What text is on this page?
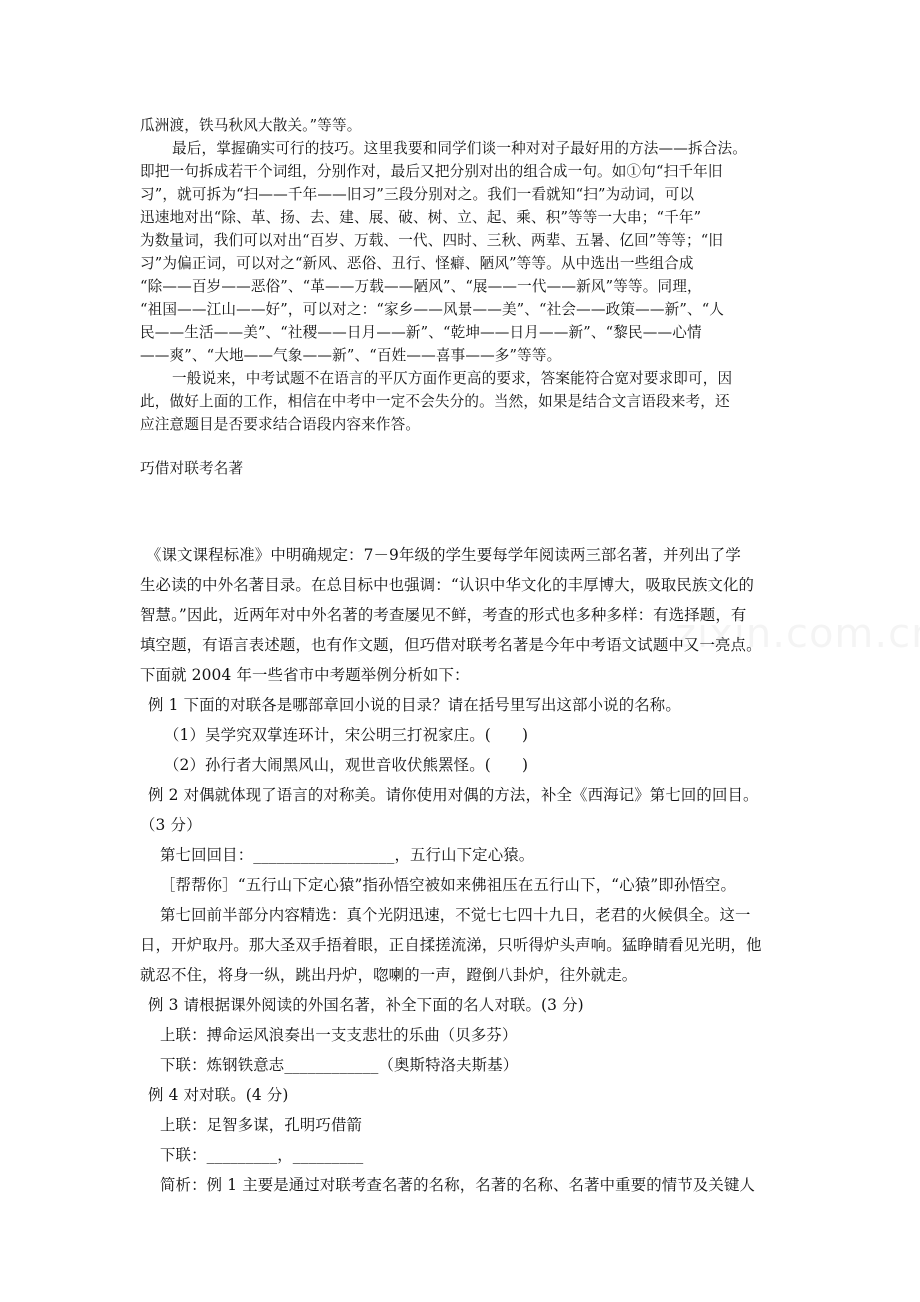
瓜洲渡，铁马秋风大散关。”等等。

最后，掌握确实可行的技巧。这里我要和同学们谈一种对对子最好用的方法——拆合法。

即把一句拆成若干个词组，分别作对，最后又把分别对出的组合成一句。如①句“扫千年旧

习”，就可拆为“扫——千年——旧习”三段分别对之。我们一看就知“扫”为动词，可以

迅速地对出“除、革、扬、去、建、展、破、树、立、起、乘、积”等等一大串；“千年”

为数量词，我们可以对出“百岁、万载、一代、四时、三秋、两辈、五暑、亿回”等等；“旧

习”为偏正词，可以对之“新风、恶俗、丑行、怪癖、陋风”等等。从中选出一些组合成

“除——百岁——恶俗”、“革——万载——陋风”、“展——一代——新风”等等。同理，

“祖国——江山——好”，可以对之：“家乡——风景——美”、“社会——政策——新”、“人

民——生活——美”、“社稷——日月——新”、“乾坤——日月——新”、“黎民——心情

——爽”、“大地——气象——新”、“百姓——喜事——多”等等。

一般说来，中考试题不在语言的平仄方面作更高的要求，答案能符合宽对要求即可，因

此，做好上面的工作，相信在中考中一定不会失分的。当然，如果是结合文言语段来考，还

应注意题目是否要求结合语段内容来作答。

巧借对联考名著

《课文课程标准》中明确规定：7－9年级的学生要每学年阅读两三部名著，并列出了学

生必读的中外名著目录。在总目标中也强调：“认识中华文化的丰厚博大，吸取民族文化的

智慧。”因此，近两年对中外名著的考查屡见不鲜，考查的形式也多种多样：有选择题，有

填空题，有语言表述题，也有作文题，但巧借对联考名著是今年中考语文试题中又一亮点。

下面就 2004 年一些省市中考题举例分析如下：

例 1 下面的对联各是哪部章回小说的目录？请在括号里写出这部小说的名称。

（1）吴学究双掌连环计，宋公明三打祝家庄。(　　)

（2）孙行者大闹黑风山，观世音收伏熊罴怪。(　　)

例 2 对偶就体现了语言的对称美。请你使用对偶的方法，补全《西海记》第七回的回目。

（3 分）

第七回回目：__________________，五行山下定心猿。

［帮帮你］“五行山下定心猿”指孙悟空被如来佛祖压在五行山下，“心猿”即孙悟空。

第七回前半部分内容精选：真个光阴迅速，不觉七七四十九日，老君的火候俱全。这一

日，开炉取丹。那大圣双手捂着眼，正自揉搓流涕，只听得炉头声响。猛睁睛看见光明，他

就忍不住，将身一纵，跳出丹炉，唿喇的一声，蹬倒八卦炉，往外就走。

例 3 请根据课外阅读的外国名著，补全下面的名人对联。(3 分)

上联：搏命运风浪奏出一支支悲壮的乐曲（贝多芬）

下联：炼钢铁意志____________（奥斯特洛夫斯基）

例 4 对对联。(4 分)

上联：足智多谋，孔明巧借箭

下联：_________，_________

简析：例 1 主要是通过对联考查名著的名称，名著的名称、名著中重要的情节及关键人
